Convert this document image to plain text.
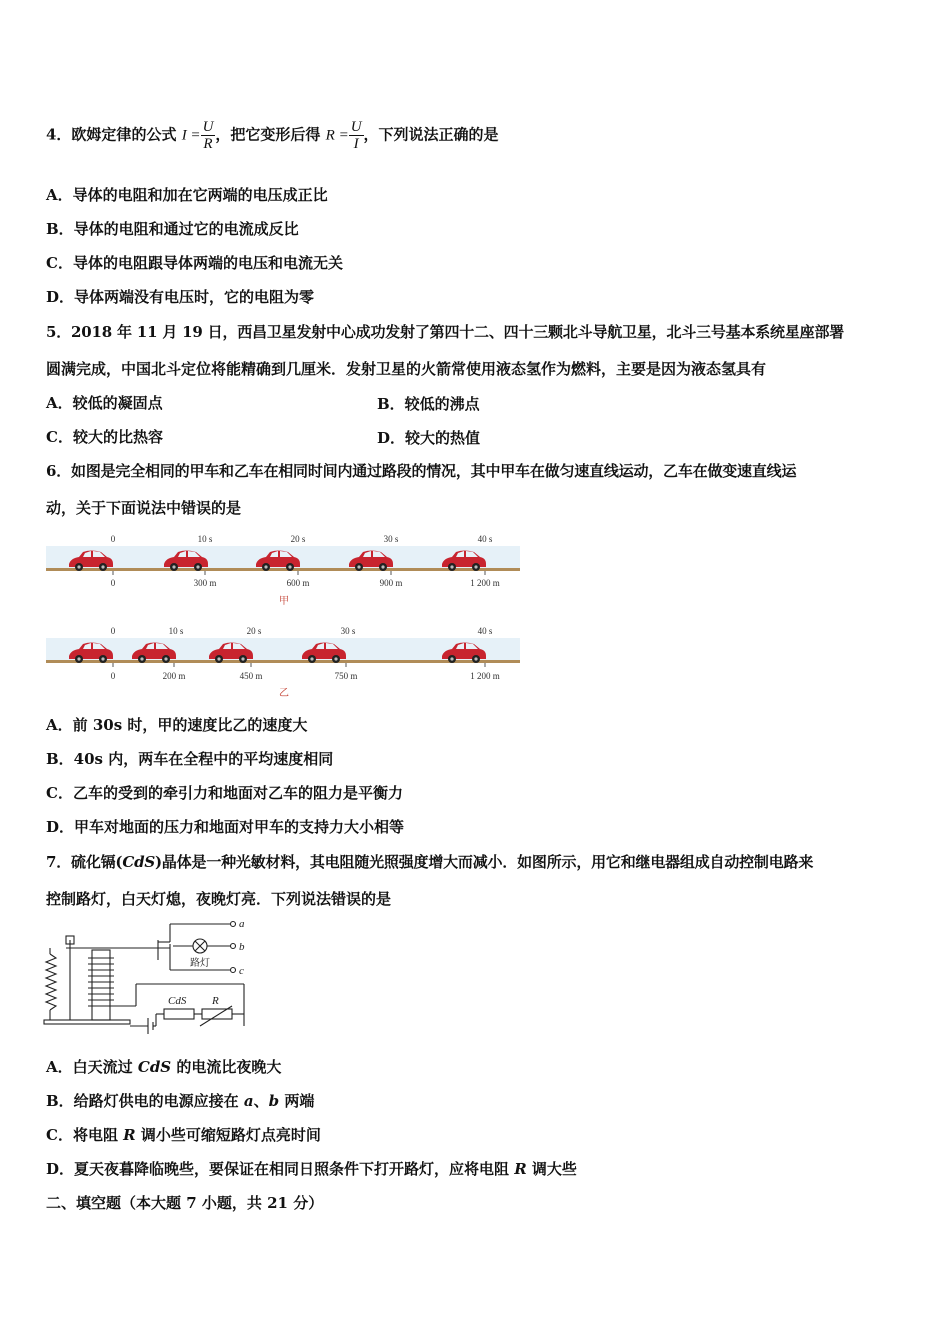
4．欧姆定律的公式 $I = \frac{U}{R}$ ，把它变形后得 $R = \frac{U}{I}$ ，下列说法正确的是
A．导体的电阻和加在它两端的电压成正比
B．导体的电阻和通过它的电流成反比
C．导体的电阻跟导体两端的电压和电流无关
D．导体两端没有电压时，它的电阻为零
5．2018 年 11 月 19 日，西昌卫星发射中心成功发射了第四十二、四十三颗北斗导航卫星，北斗三号基本系统星座部署
圆满完成，中国北斗定位将能精确到几厘米．发射卫星的火箭常使用液态氢作为燃料，主要是因为液态氢具有
A．较低的凝固点	B．较低的沸点
C．较大的比热容	D．较大的热值
6．如图是完全相同的甲车和乙车在相同时间内通过路段的情况，其中甲车在做匀速直线运动，乙车在做变速直线运
动，关于下面说法中错误的是
0	10 s	20 s	30 s	40 s
0	300 m	600 m	900 m	1 200 m
甲
0	10 s	20 s	30 s	40 s
0	200 m	450 m	750 m	1 200 m
乙
A．前 30s 时，甲的速度比乙的速度大
B．40s 内，两车在全程中的平均速度相同
C．乙车的受到的牵引力和地面对乙车的阻力是平衡力
D．甲车对地面的压力和地面对甲车的支持力大小相等
7．硫化镉(CdS)晶体是一种光敏材料，其电阻随光照强度增大而减小．如图所示，用它和继电器组成自动控制电路来
控制路灯，白天灯熄，夜晚灯亮．下列说法错误的是
a
b
c
CdS R
路灯
A．白天流过 CdS 的电流比夜晚大
B．给路灯供电的电源应接在 a、b 两端
C．将电阻 R 调小些可缩短路灯点亮时间
D．夏天夜暮降临晚些，要保证在相同日照条件下打开路灯，应将电阻 R 调大些
二、填空题（本大题 7 小题，共 21 分）
